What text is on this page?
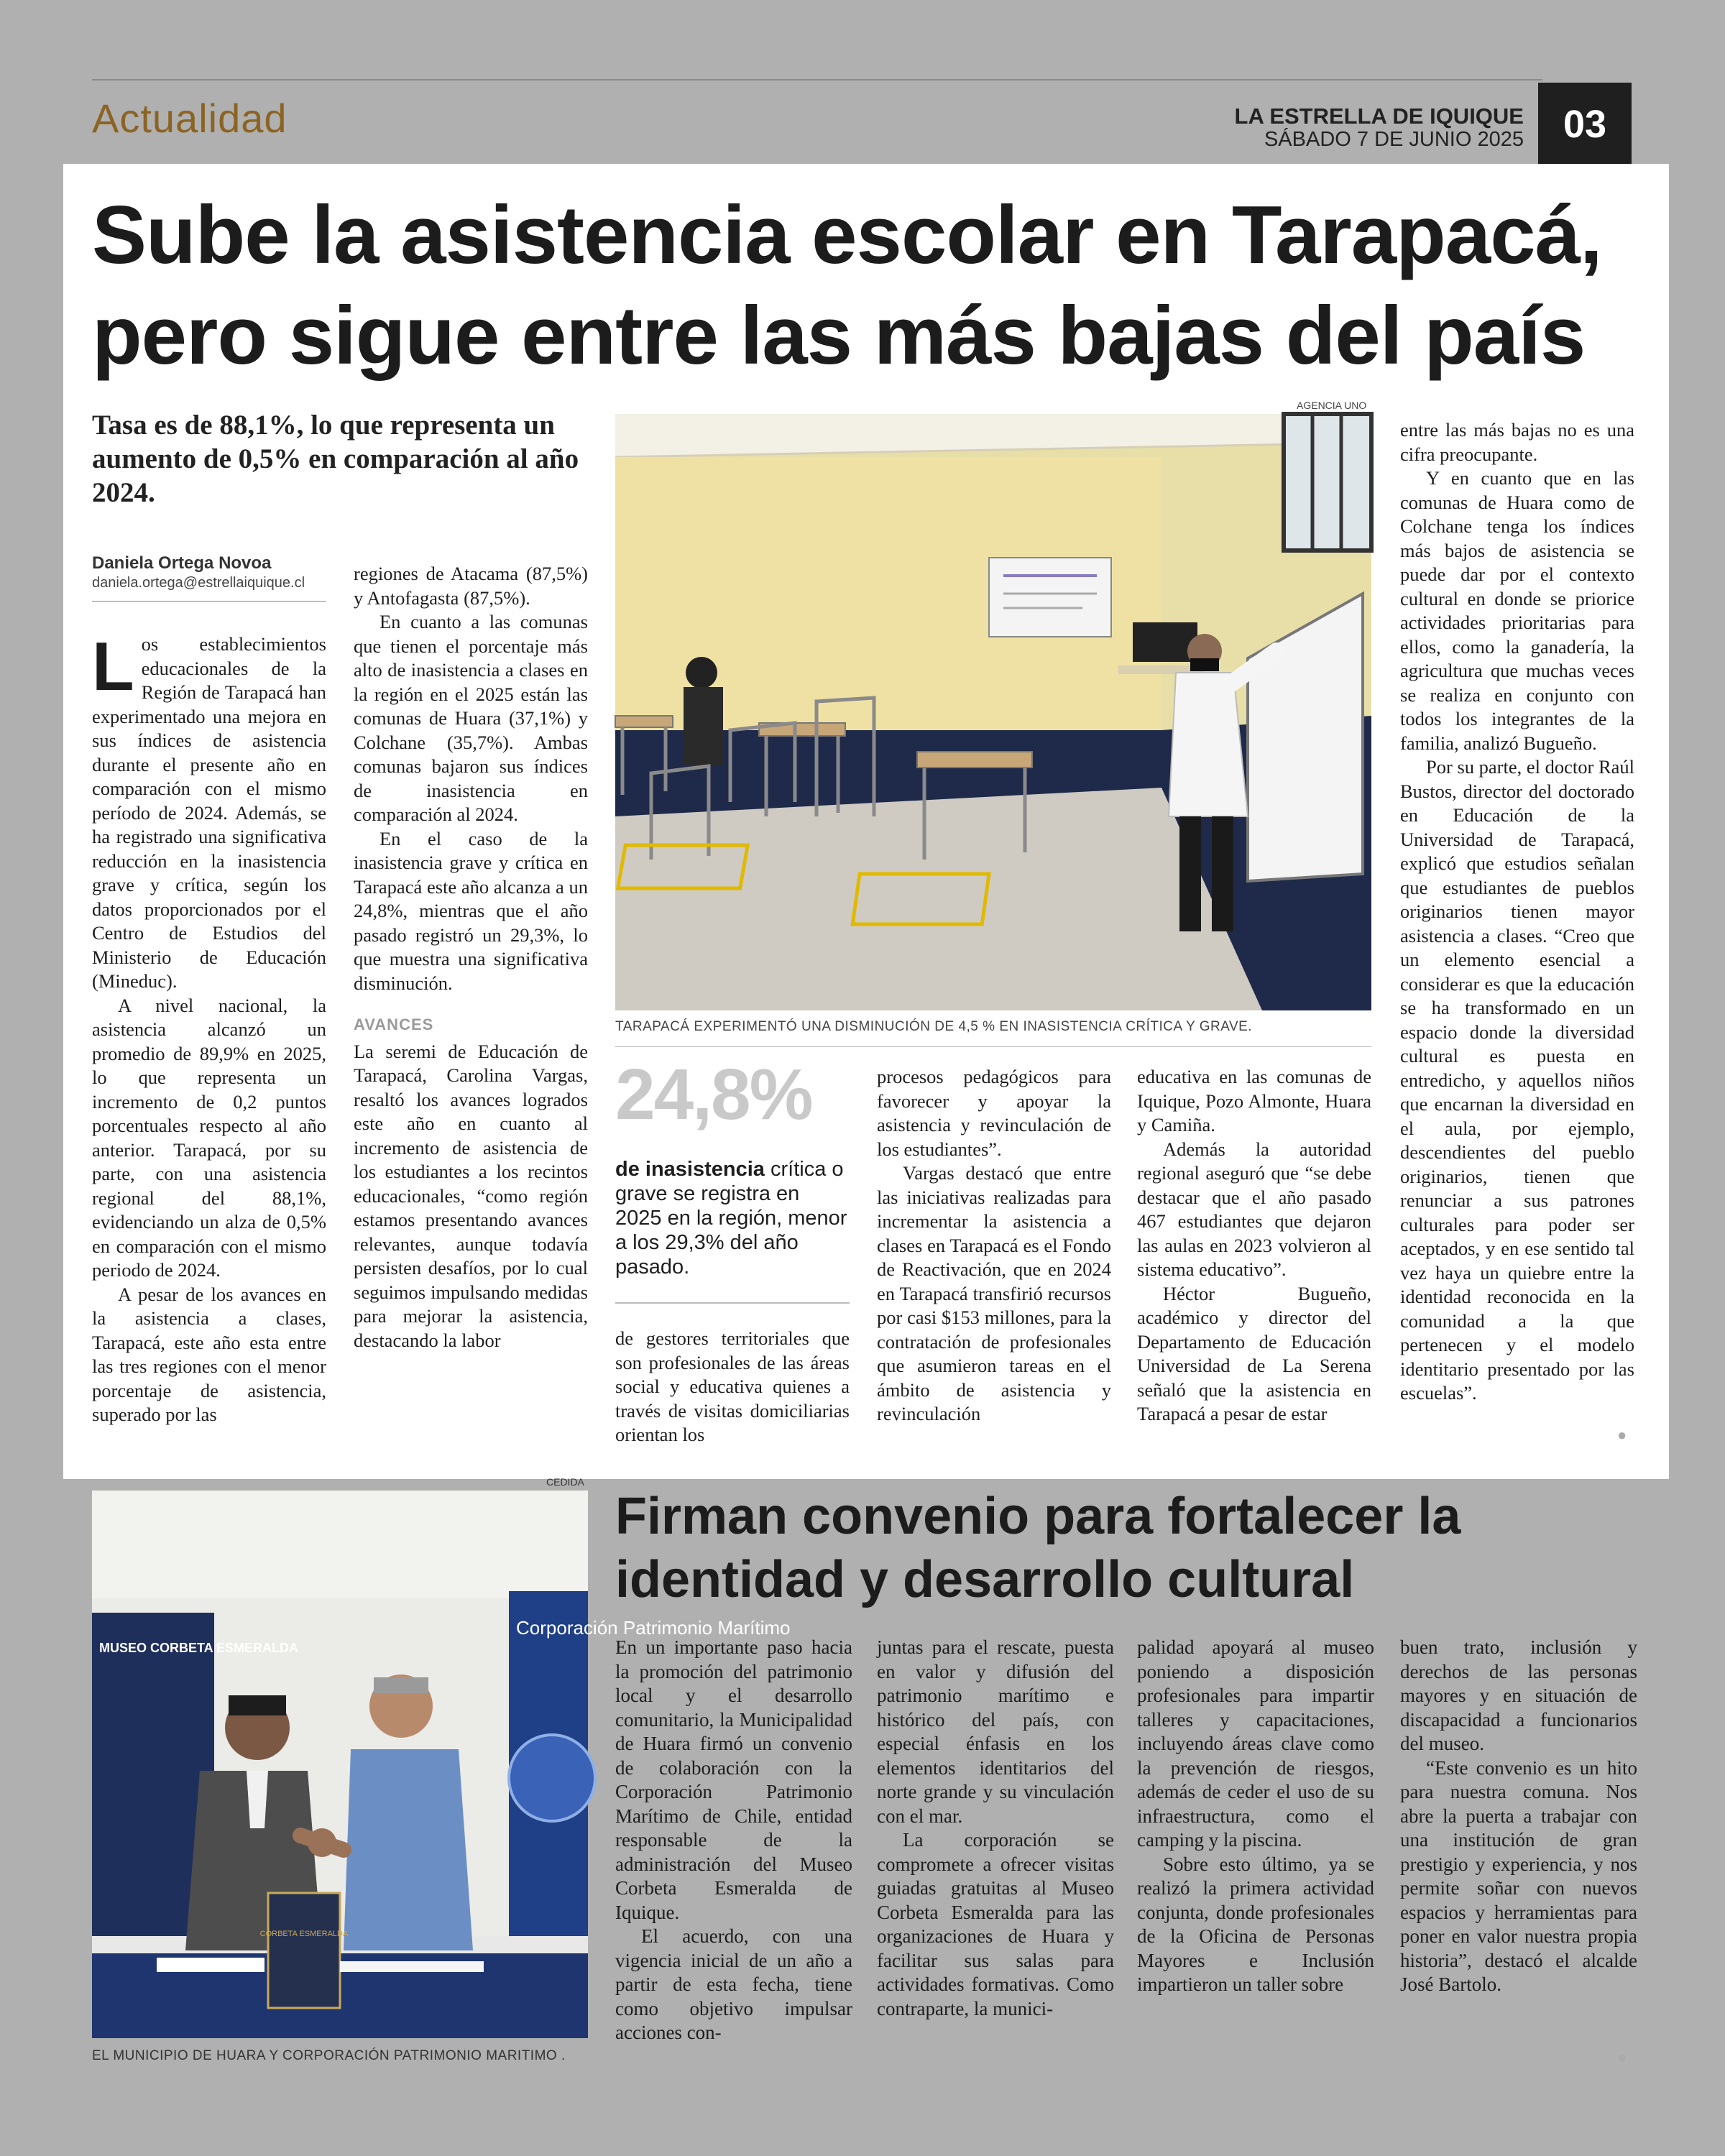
Actualidad	LA ESTRELLA DE IQUIQUE
SÁBADO 7 DE JUNIO 2025	03
Sube la asistencia escolar en Tarapacá, pero sigue entre las más bajas del país
Tasa es de 88,1%, lo que representa un aumento de 0,5% en comparación al año 2024.
Daniela Ortega Novoa
daniela.ortega@estrellaiquique.cl

Los establecimientos educacionales de la Región de Tarapacá han experimentado una mejora en sus índices de asistencia durante el presente año en comparación con el mismo período de 2024. Además, se ha registrado una significativa reducción en la inasistencia grave y crítica, según los datos proporcionados por el Centro de Estudios del Ministerio de Educación (Mineduc).

A nivel nacional, la asistencia alcanzó un promedio de 89,9% en 2025, lo que representa un incremento de 0,2 puntos porcentuales respecto al año anterior. Tarapacá, por su parte, con una asistencia regional del 88,1%, evidenciando un alza de 0,5% en comparación con el mismo periodo de 2024.

A pesar de los avances en la asistencia a clases, Tarapacá, este año esta entre las tres regiones con el menor porcentaje de asistencia, superado por las

regiones de Atacama (87,5%) y Antofagasta (87,5%).

En cuanto a las comunas que tienen el porcentaje más alto de inasistencia a clases en la región en el 2025 están las comunas de Huara (37,1%) y Colchane (35,7%). Ambas comunas bajaron sus índices de inasistencia en comparación al 2024.

En el caso de la inasistencia grave y crítica en Tarapacá este año alcanza a un 24,8%, mientras que el año pasado registró un 29,3%, lo que muestra una significativa disminución.

AVANCES

La seremi de Educación de Tarapacá, Carolina Vargas, resaltó los avances logrados este año en cuanto al incremento de asistencia de los estudiantes a los recintos educacionales, “como región estamos presentando avances relevantes, aunque todavía persisten desafíos, por lo cual seguimos impulsando medidas para mejorar la asistencia, destacando la labor

AGENCIA UNO
TARAPACÁ EXPERIMENTÓ UNA DISMINUCIÓN DE 4,5 % EN INASISTENCIA CRÍTICA Y GRAVE.
24,8%
de inasistencia crítica o grave se registra en 2025 en la región, menor a los 29,3% del año pasado.

de gestores territoriales que son profesionales de las áreas social y educativa quienes a través de visitas domiciliarias orientan los

procesos pedagógicos para favorecer y apoyar la asistencia y revinculación de los estudiantes”.

Vargas destacó que entre las iniciativas realizadas para incrementar la asistencia a clases en Tarapacá es el Fondo de Reactivación, que en 2024 en Tarapacá transfirió recursos por casi $153 millones, para la contratación de profesionales que asumieron tareas en el ámbito de asistencia y revinculación

educativa en las comunas de Iquique, Pozo Almonte, Huara y Camiña.

Además la autoridad regional aseguró que “se debe destacar que el año pasado 467 estudiantes que dejaron las aulas en 2023 volvieron al sistema educativo”.

Héctor Bugueño, académico y director del Departamento de Educación Universidad de La Serena señaló que la asistencia en Tarapacá a pesar de estar

entre las más bajas no es una cifra preocupante.

Y en cuanto que en las comunas de Huara como de Colchane tenga los índices más bajos de asistencia se puede dar por el contexto cultural en donde se priorice actividades prioritarias para ellos, como la ganadería, la agricultura que muchas veces se realiza en conjunto con todos los integrantes de la familia, analizó Bugueño.

Por su parte, el doctor Raúl Bustos, director del doctorado en Educación de la Universidad de Tarapacá, explicó que estudios señalan que estudiantes de pueblos originarios tienen mayor asistencia a clases. “Creo que un elemento esencial a considerar es que la educación se ha transformado en un espacio donde la diversidad cultural es puesta en entredicho, y aquellos niños que encarnan la diversidad en el aula, por ejemplo, descendientes del pueblo originarios, tienen que renunciar a sus patrones culturales para poder ser aceptados, y en ese sentido tal vez haya un quiebre entre la identidad reconocida en la comunidad a la que pertenecen y el modelo identitario presentado por las escuelas”.

●
CEDIDA
MUSEO CORBETA ESMERALDA
Corporación Patrimonio Marítimo
CORBETA ESMERALDA
EL MUNICIPIO DE HUARA Y CORPORACIÓN PATRIMONIO MARITIMO .
Firman convenio para fortalecer la identidad y desarrollo cultural

En un importante paso hacia la promoción del patrimonio local y el desarrollo comunitario, la Municipalidad de Huara firmó un convenio de colaboración con la Corporación Patrimonio Marítimo de Chile, entidad responsable de la administración del Museo Corbeta Esmeralda de Iquique.

El acuerdo, con una vigencia inicial de un año a partir de esta fecha, tiene como objetivo impulsar acciones con-

juntas para el rescate, puesta en valor y difusión del patrimonio marítimo e histórico del país, con especial énfasis en los elementos identitarios del norte grande y su vinculación con el mar.

La corporación se compromete a ofrecer visitas guiadas gratuitas al Museo Corbeta Esmeralda para las organizaciones de Huara y facilitar sus salas para actividades formativas. Como contraparte, la munici-

palidad apoyará al museo poniendo a disposición profesionales para impartir talleres y capacitaciones, incluyendo áreas clave como la prevención de riesgos, además de ceder el uso de su infraestructura, como el camping y la piscina.

Sobre esto último, ya se realizó la primera actividad conjunta, donde profesionales de la Oficina de Personas Mayores e Inclusión impartieron un taller sobre

buen trato, inclusión y derechos de las personas mayores y en situación de discapacidad a funcionarios del museo.

“Este convenio es un hito para nuestra comuna. Nos abre la puerta a trabajar con una institución de gran prestigio y experiencia, y nos permite soñar con nuevos espacios y herramientas para poner en valor nuestra propia historia”, destacó el alcalde José Bartolo.

●
